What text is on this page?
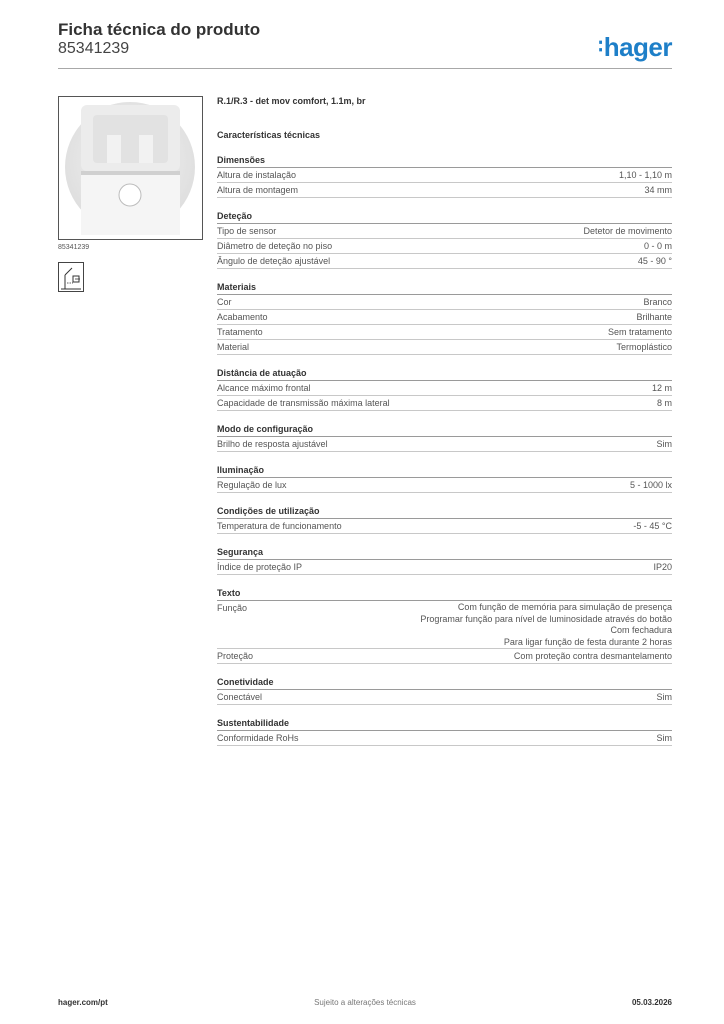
Ficha técnica do produto
85341239	∶hager
85341239
R.1/R.3 - det mov comfort, 1.1m, br
Características técnicas
Dimensões
Altura de instalação	1,10 - 1,10 m
Altura de montagem	34 mm
Deteção
Tipo de sensor	Detetor de movimento
Diâmetro de deteção no piso	0 - 0 m
Ângulo de deteção ajustável	45 - 90 °
Materiais
Cor	Branco
Acabamento	Brilhante
Tratamento	Sem tratamento
Material	Termoplástico
Distância de atuação
Alcance máximo frontal	12 m
Capacidade de transmissão máxima lateral	8 m
Modo de configuração
Brilho de resposta ajustável	Sim
Iluminação
Regulação de lux	5 - 1000 lx
Condições de utilização
Temperatura de funcionamento	-5 - 45 °C
Segurança
Índice de proteção IP	IP20
Texto
Função	Com função de memória para simulação de presença
Programar função para nível de luminosidade através do botão
Com fechadura
Para ligar função de festa durante 2 horas
Proteção	Com proteção contra desmantelamento
Conetividade
Conectável	Sim
Sustentabilidade
Conformidade RoHs	Sim
hager.com/pt	Sujeito a alterações técnicas	05.03.2026
